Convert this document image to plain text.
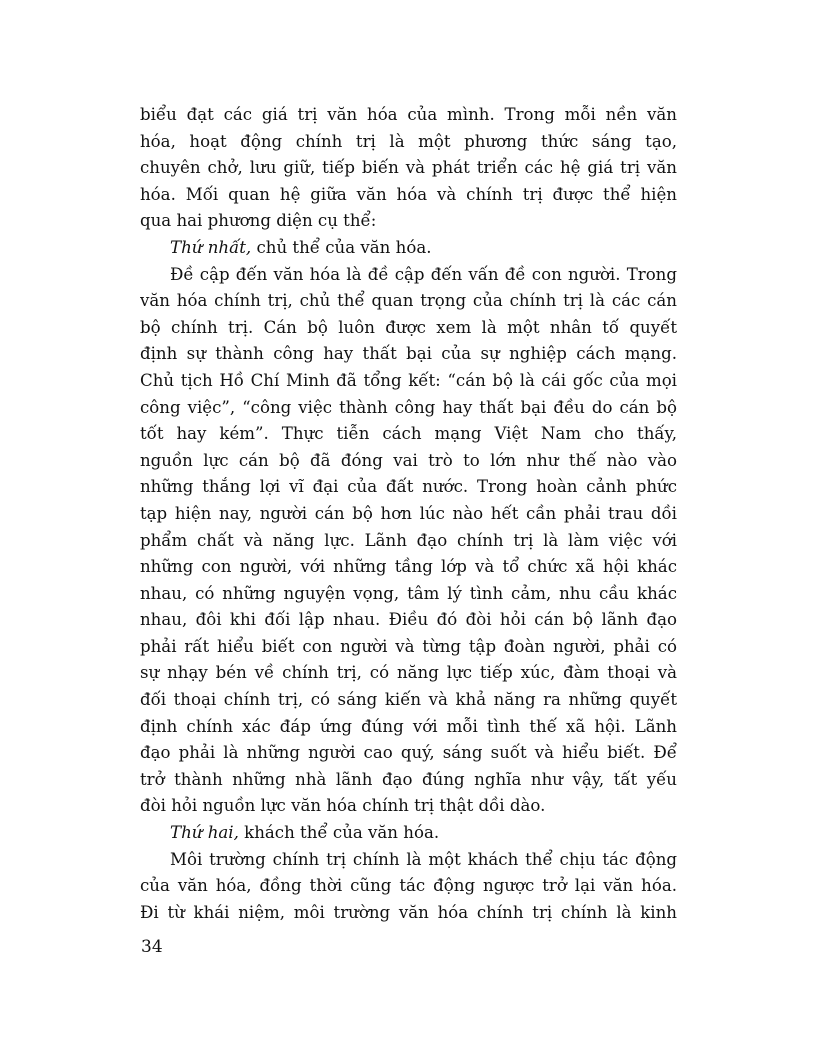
biểu đạt các giá trị văn hóa của mình. Trong mỗi nền văn
hóa, hoạt động chính trị là một phương thức sáng tạo,
chuyên chở, lưu giữ, tiếp biến và phát triển các hệ giá trị văn
hóa. Mối quan hệ giữa văn hóa và chính trị được thể hiện
qua hai phương diện cụ thể:
Thứ nhất, chủ thể của văn hóa.
Đề cập đến văn hóa là đề cập đến vấn đề con người. Trong
văn hóa chính trị, chủ thể quan trọng của chính trị là các cán
bộ chính trị. Cán bộ luôn được xem là một nhân tố quyết
định sự thành công hay thất bại của sự nghiệp cách mạng.
Chủ tịch Hồ Chí Minh đã tổng kết: “cán bộ là cái gốc của mọi
công việc”, “công việc thành công hay thất bại đều do cán bộ
tốt hay kém”. Thực tiễn cách mạng Việt Nam cho thấy,
nguồn lực cán bộ đã đóng vai trò to lớn như thế nào vào
những thắng lợi vĩ đại của đất nước. Trong hoàn cảnh phức
tạp hiện nay, người cán bộ hơn lúc nào hết cần phải trau dồi
phẩm chất và năng lực. Lãnh đạo chính trị là làm việc với
những con người, với những tầng lớp và tổ chức xã hội khác
nhau, có những nguyện vọng, tâm lý tình cảm, nhu cầu khác
nhau, đôi khi đối lập nhau. Điều đó đòi hỏi cán bộ lãnh đạo
phải rất hiểu biết con người và từng tập đoàn người, phải có
sự nhạy bén về chính trị, có năng lực tiếp xúc, đàm thoại và
đối thoại chính trị, có sáng kiến và khả năng ra những quyết
định chính xác đáp ứng đúng với mỗi tình thế xã hội. Lãnh
đạo phải là những người cao quý, sáng suốt và hiểu biết. Để
trở thành những nhà lãnh đạo đúng nghĩa như vậy, tất yếu
đòi hỏi nguồn lực văn hóa chính trị thật dồi dào.
Thứ hai, khách thể của văn hóa.
Môi trường chính trị chính là một khách thể chịu tác động
của văn hóa, đồng thời cũng tác động ngược trở lại văn hóa.
Đi từ khái niệm, môi trường văn hóa chính trị chính là kinh
34
